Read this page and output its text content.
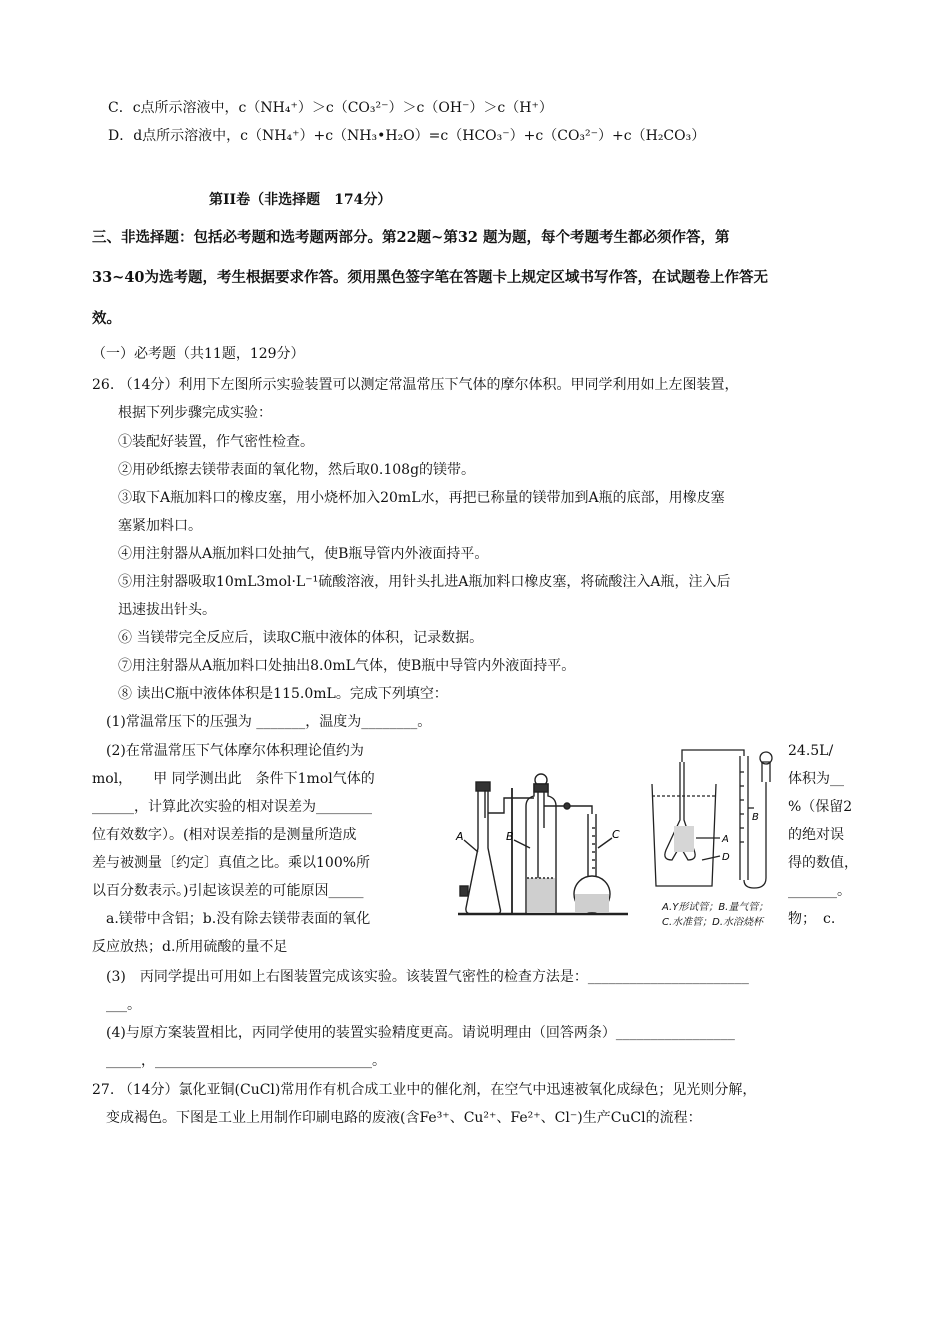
C．c点所示溶液中，c（NH₄⁺）＞c（CO₃²⁻）＞c（OH⁻）＞c（H⁺）
D．d点所示溶液中，c（NH₄⁺）+c（NH₃•H₂O）=c（HCO₃⁻）+c（CO₃²⁻）+c（H₂CO₃）
第II卷（非选择题　174分）
三、非选择题：包括必考题和选考题两部分。第22题~第32 题为题，每个考题考生都必须作答，第
33~40为选考题，考生根据要求作答。须用黑色签字笔在答题卡上规定区域书写作答，在试题卷上作答无
效。
（一）必考题（共11题，129分）
26. （14分）利用下左图所示实验装置可以测定常温常压下气体的摩尔体积。甲同学利用如上左图装置，
根据下列步骤完成实验：
①装配好装置，作气密性检查。
②用砂纸擦去镁带表面的氧化物，然后取0.108g的镁带。
③取下A瓶加料口的橡皮塞，用小烧杯加入20mL水，再把已称量的镁带加到A瓶的底部，用橡皮塞
塞紧加料口。
④用注射器从A瓶加料口处抽气，使B瓶导管内外液面持平。
⑤用注射器吸取10mL3mol·L⁻¹硫酸溶液，用针头扎进A瓶加料口橡皮塞，将硫酸注入A瓶，注入后
迅速拔出针头。
⑥ 当镁带完全反应后，读取C瓶中液体的体积，记录数据。
⑦用注射器从A瓶加料口处抽出8.0mL气体，使B瓶中导管内外液面持平。
⑧ 读出C瓶中液体体积是115.0mL。完成下列填空：
(1)常温常压下的压强为 _______，温度为________。
(2)在常温常压下气体摩尔体积理论值约为
mol，　　甲 同学测出此　条件下1mol气体的
______，计算此次实验的相对误差为________
位有效数字）。(相对误差指的是测量所造成
差与被测量〔约定〕真值之比。乘以100%所
以百分数表示。)引起该误差的可能原因_____
　a.镁带中含铝；b.没有除去镁带表面的氧化
反应放热；d.所用硫酸的量不足
24.5L/
体积为__
%（保留2
的绝对误
得的数值，
_______。
物；　c.
A	B	C	A
D
B
A.Y形试管；B.量气管；
C.水准管；D.水浴烧杯
(3)　丙同学提出可用如上右图装置完成该实验。该装置气密性的检查方法是：_______________________
___。
(4)与原方案装置相比，丙同学使用的装置实验精度更高。请说明理由（回答两条）_________________
_____，_______________________________。
27. （14分）氯化亚铜(CuCl)常用作有机合成工业中的催化剂，在空气中迅速被氧化成绿色；见光则分解，
变成褐色。下图是工业上用制作印刷电路的废液(含Fe³⁺、Cu²⁺、Fe²⁺、Cl⁻)生产CuCl的流程：
